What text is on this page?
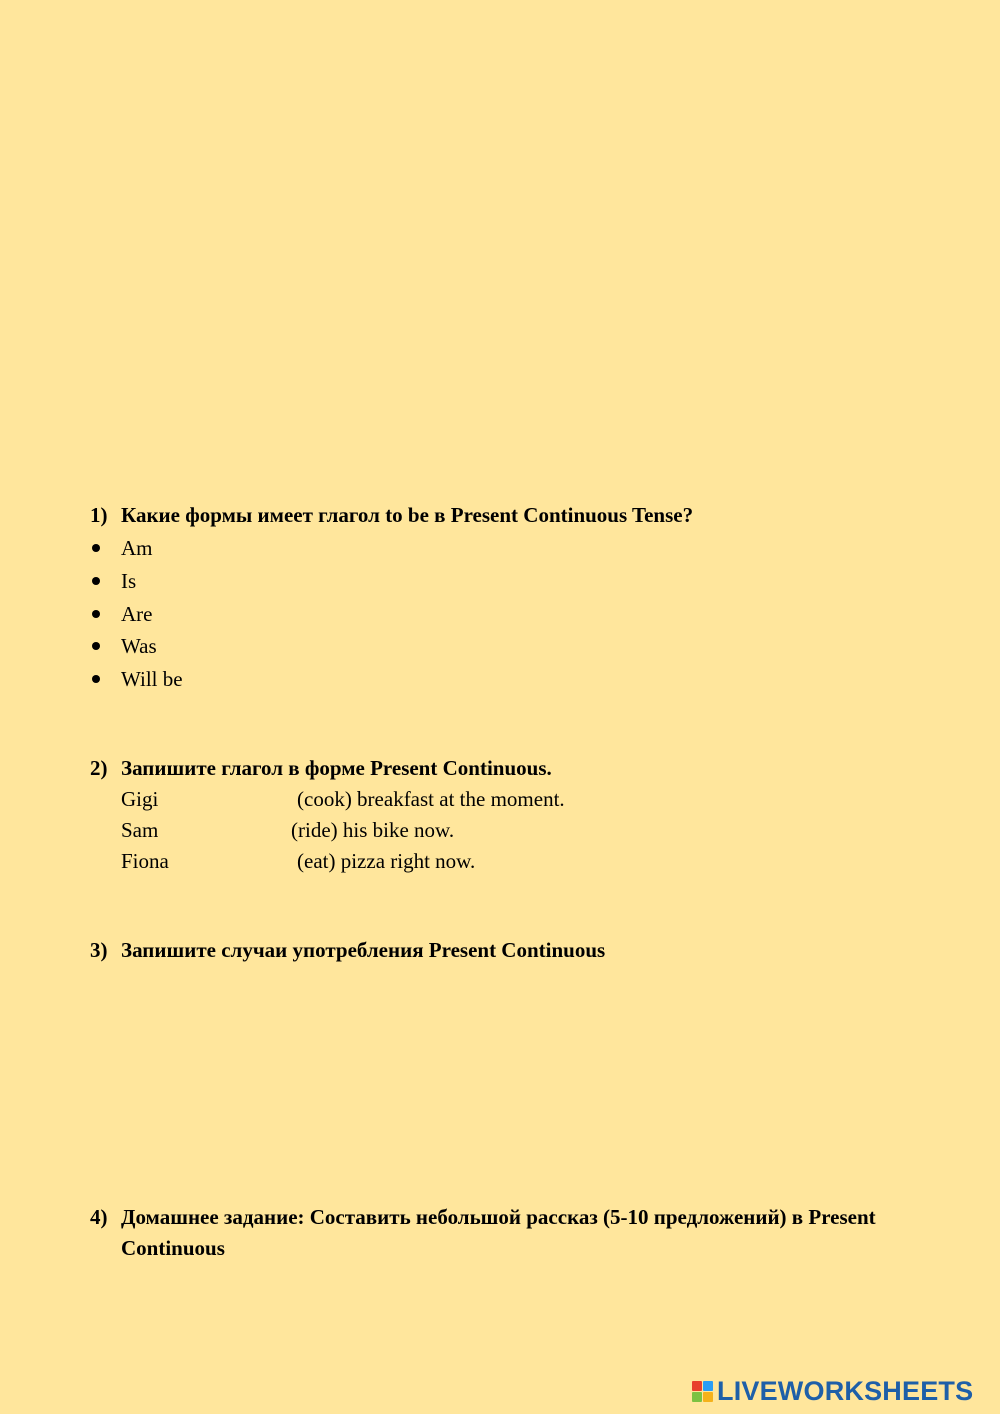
1) Какие формы имеет глагол to be в Present Continuous Tense?
Am
Is
Are
Was
Will be
2) Запишите глагол в форме Present Continuous.
Gigi	(cook) breakfast at the moment.
Sam	(ride) his bike now.
Fiona	(eat) pizza right now.
3) Запишите случаи употребления Present Continuous
4) Домашнее задание: Составить небольшой рассказ (5-10 предложений) в Present Continuous
LIVEWORKSHEETS
